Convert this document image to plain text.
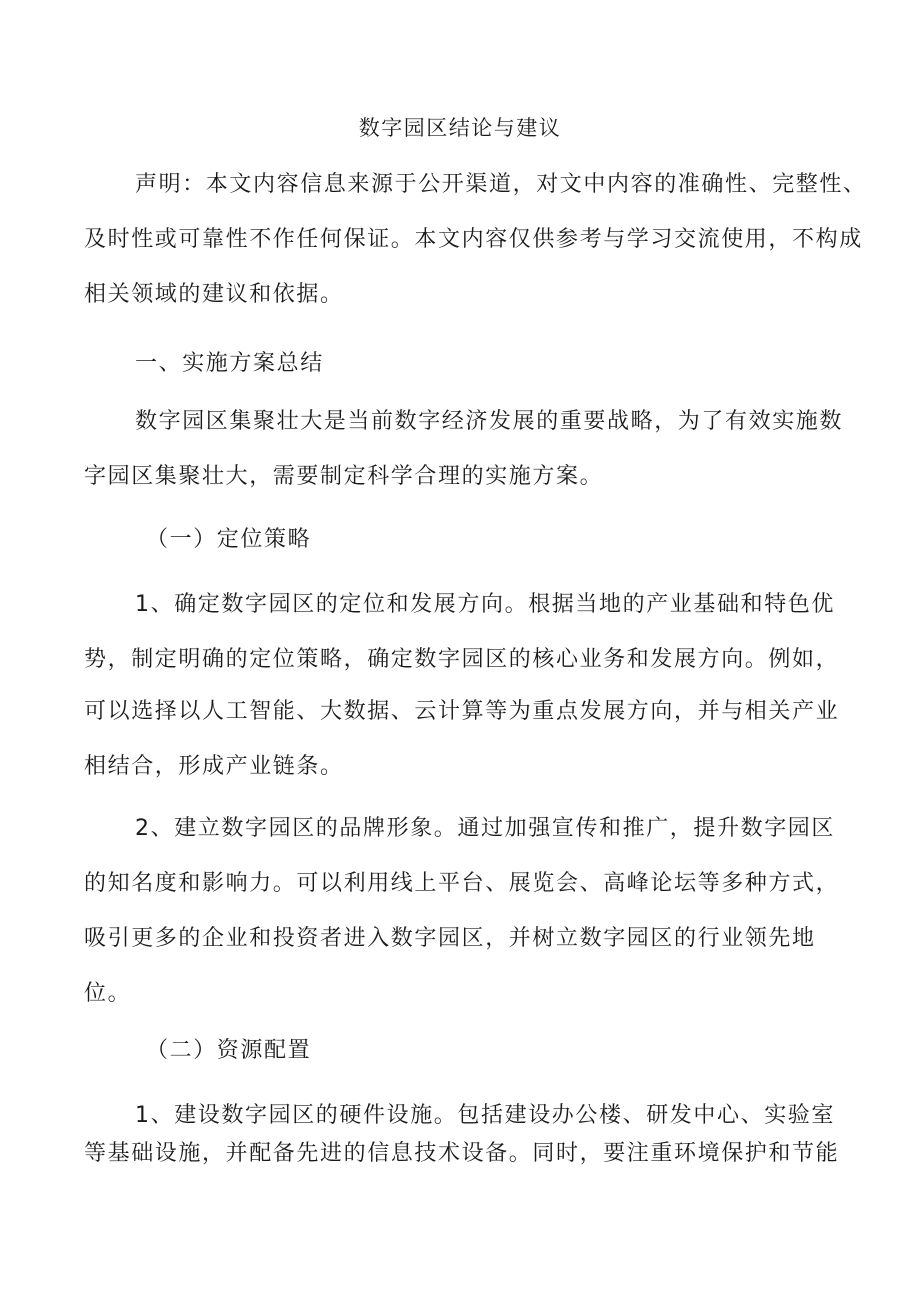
数字园区结论与建议
声明：本文内容信息来源于公开渠道，对文中内容的准确性、完整性、
及时性或可靠性不作任何保证。本文内容仅供参考与学习交流使用，不构成
相关领域的建议和依据。
一、实施方案总结
数字园区集聚壮大是当前数字经济发展的重要战略，为了有效实施数
字园区集聚壮大，需要制定科学合理的实施方案。
（一）定位策略
1、确定数字园区的定位和发展方向。根据当地的产业基础和特色优
势，制定明确的定位策略，确定数字园区的核心业务和发展方向。例如，
可以选择以人工智能、大数据、云计算等为重点发展方向，并与相关产业
相结合，形成产业链条。
2、建立数字园区的品牌形象。通过加强宣传和推广，提升数字园区
的知名度和影响力。可以利用线上平台、展览会、高峰论坛等多种方式，
吸引更多的企业和投资者进入数字园区，并树立数字园区的行业领先地
位。
（二）资源配置
1、建设数字园区的硬件设施。包括建设办公楼、研发中心、实验室
等基础设施，并配备先进的信息技术设备。同时，要注重环境保护和节能
